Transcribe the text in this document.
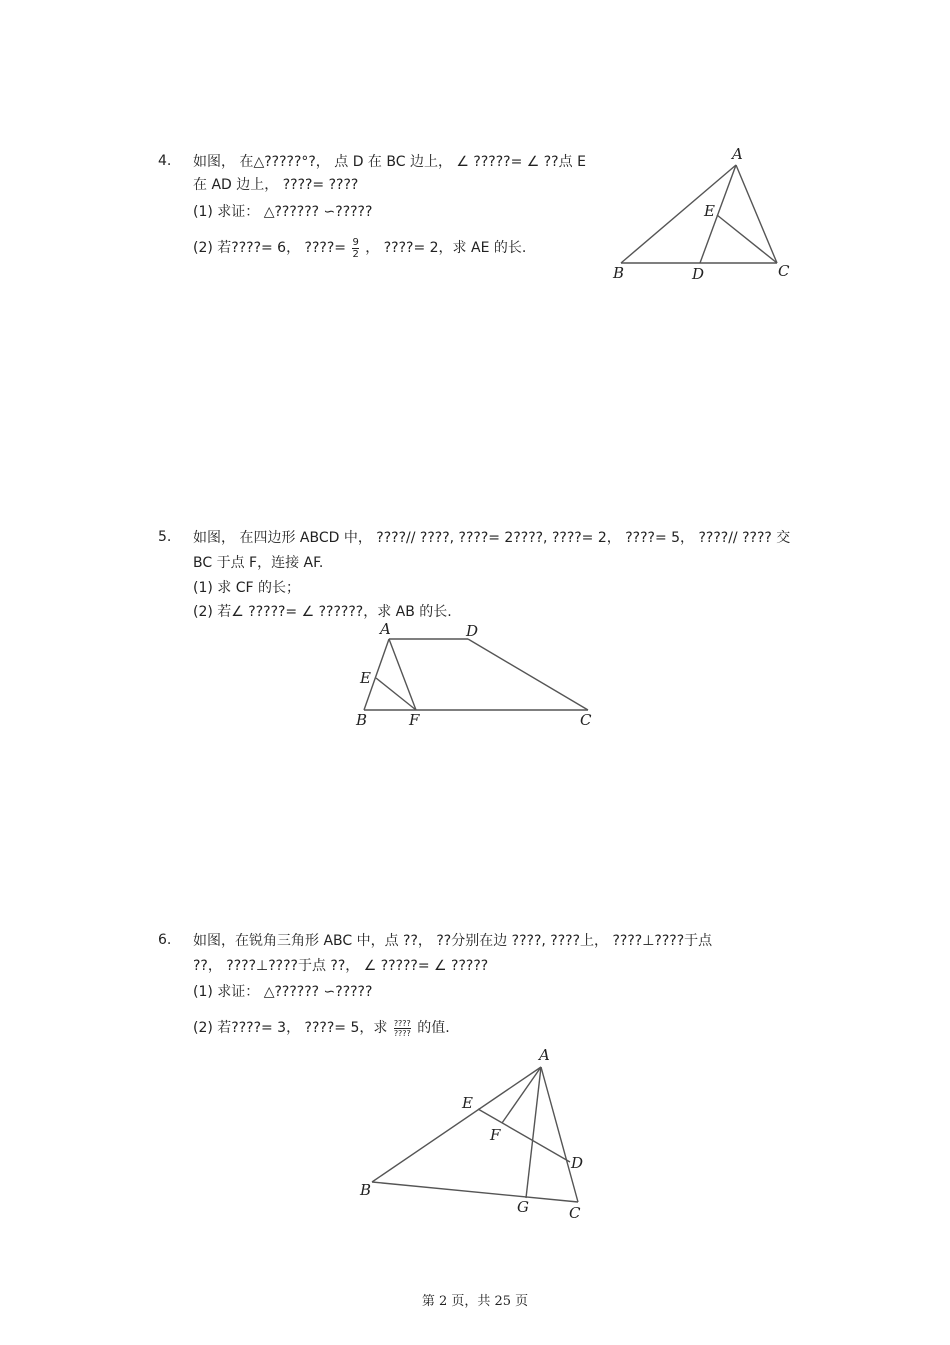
4. 如图， 在△?????°?， 点 D 在 BC 边上， ∠ ?????= ∠ ??点 E
在 AD 边上， ????= ????
(1) 求证： △?????? ∽?????
(2) 若????= 6， ????= $\frac{9}{2}$ ， ????= 2，求 AE 的长.
A
E
B	D	C
5. 如图， 在四边形 ABCD 中， ????// ????, ????= 2????, ????= 2， ????= 5， ????// ???? 交
BC 于点 F，连接 AF.
(1) 求 CF 的长；
(2) 若∠ ?????= ∠ ??????，求 AB 的长.
A	D
E
B	F	C
6. 如图，在锐角三角形 ABC 中，点 ??， ??分别在边 ????, ????上， ????⊥????于点
??， ????⊥????于点 ??， ∠ ?????= ∠ ?????
(1) 求证： △?????? ∽?????
(2) 若????= 3， ????= 5，求 $\frac{????}{????}$ 的值.
A
E
F
D
B
G	C
第 2 页，共 25 页
